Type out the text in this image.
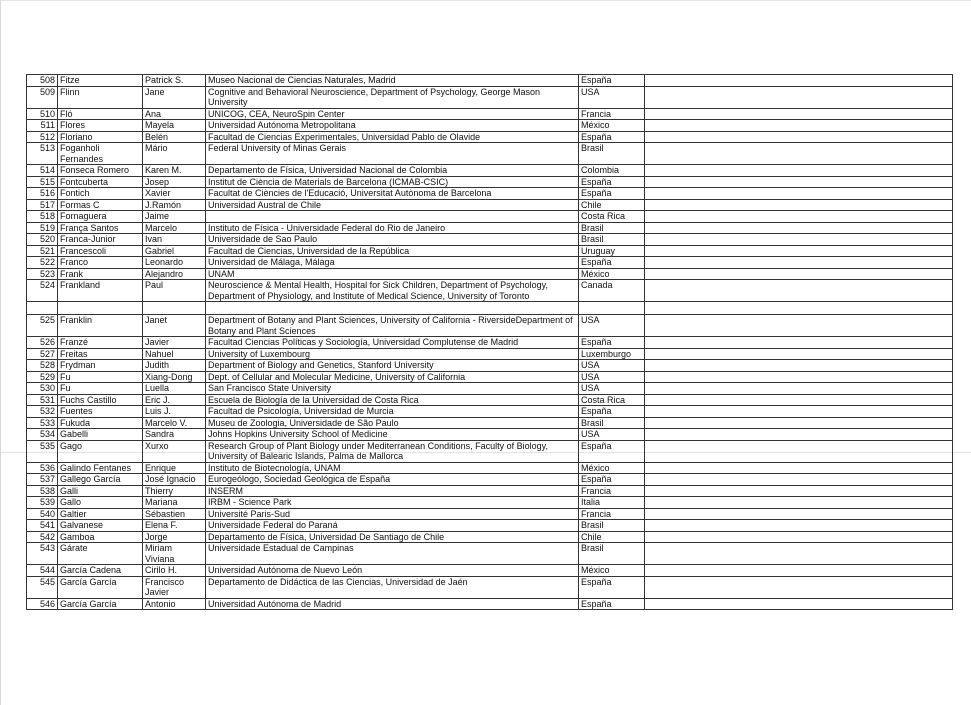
508	Fitze	Patrick S.	Museo Nacional de Ciencias Naturales, Madrid	España	
509	Flinn	Jane	Cognitive and Behavioral Neuroscience, Department of Psychology, George Mason University	USA	
510	Fló	Ana	UNICOG, CEA, NeuroSpin Center	Francia	
511	Flores	Mayela	Universidad Autónoma Metropolitana	México	
512	Floriano	Belén	Facultad de Ciencias Experimentales, Universidad Pablo de Olavide	España	
513	Foganholi Fernandes	Mário	Federal University of Minas Gerais	Brasil	
514	Fonseca Romero	Karen M.	Departamento de Física, Universidad Nacional de Colombia	Colombia	
515	Fontcuberta	Josep	Institut de Ciència de Materials de Barcelona (ICMAB-CSIC)	España	
516	Fontich	Xavier	Facultat de Ciències de l'Educació, Universitat Autònoma de Barcelona	España	
517	Formas C	J.Ramón	Universidad Austral de Chile	Chile	
518	Fornaguera	Jaime		Costa Rica	
519	França Santos	Marcelo	Instituto de Física - Universidade Federal do Rio de Janeiro	Brasil	
520	Franca-Junior	Ivan	Universidade de Sao Paulo	Brasil	
521	Francescoli	Gabriel	Facultad de Ciencias, Universidad de la República	Uruguay	
522	Franco	Leonardo	Universidad de Málaga, Málaga	España	
523	Frank	Alejandro	UNAM	México	
524	Frankland	Paul	Neuroscience & Mental Health, Hospital for Sick Children, Department of Psychology, Department of Physiology, and Institute of Medical Science, University of Toronto	Canada	

525	Franklin	Janet	Department of Botany and Plant Sciences, University of California - RiversideDepartment of Botany and Plant Sciences	USA	
526	Franzé	Javier	Facultad Ciencias Políticas y Sociología, Universidad Complutense de Madrid	España	
527	Freitas	Nahuel	University of Luxembourg	Luxemburgo	
528	Frydman	Judith	Department of Biology and Genetics, Stanford University	USA	
529	Fu	Xiang-Dong	Dept. of Cellular and Molecular Medicine, University of California	USA	
530	Fu	Luella	San Francisco State University	USA	
531	Fuchs Castillo	Eric J.	Escuela de Biología de la Universidad de Costa Rica	Costa Rica	
532	Fuentes	Luis J.	Facultad de Psicología, Universidad de Murcia	España	
533	Fukuda	Marcelo V.	Museu de Zoologia, Universidade de São Paulo	Brasil	
534	Gabelli	Sandra	Johns Hopkins University School of Medicine	USA	
535	Gago	Xurxo	Research Group of Plant Biology under Mediterranean Conditions, Faculty of Biology, University of Balearic Islands, Palma de Mallorca	España	
536	Galindo Fentanes	Enrique	Instituto de Biotecnología, UNAM	México	
537	Gallego García	José Ignacio	Eurogeólogo, Sociedad Geológica de España	España	
538	Galli	Thierry	INSERM	Francia	
539	Gallo	Mariana	IRBM - Science Park	Italia	
540	Galtier	Sébastien	Université Paris-Sud	Francia	
541	Galvanese	Elena F.	Universidade Federal do Paraná	Brasil	
542	Gamboa	Jorge	Departamento de Física, Universidad De Santiago de Chile	Chile	
543	Gárate	Miriam Viviana	Universidade Estadual de Campinas	Brasil	
544	García Cadena	Cirilo H.	Universidad Autónoma de Nuevo León	México	
545	García García	Francisco Javier	Departamento de Didáctica de las Ciencias, Universidad de Jaén	España	
546	García García	Antonio	Universidad Autónoma de Madrid	España	
